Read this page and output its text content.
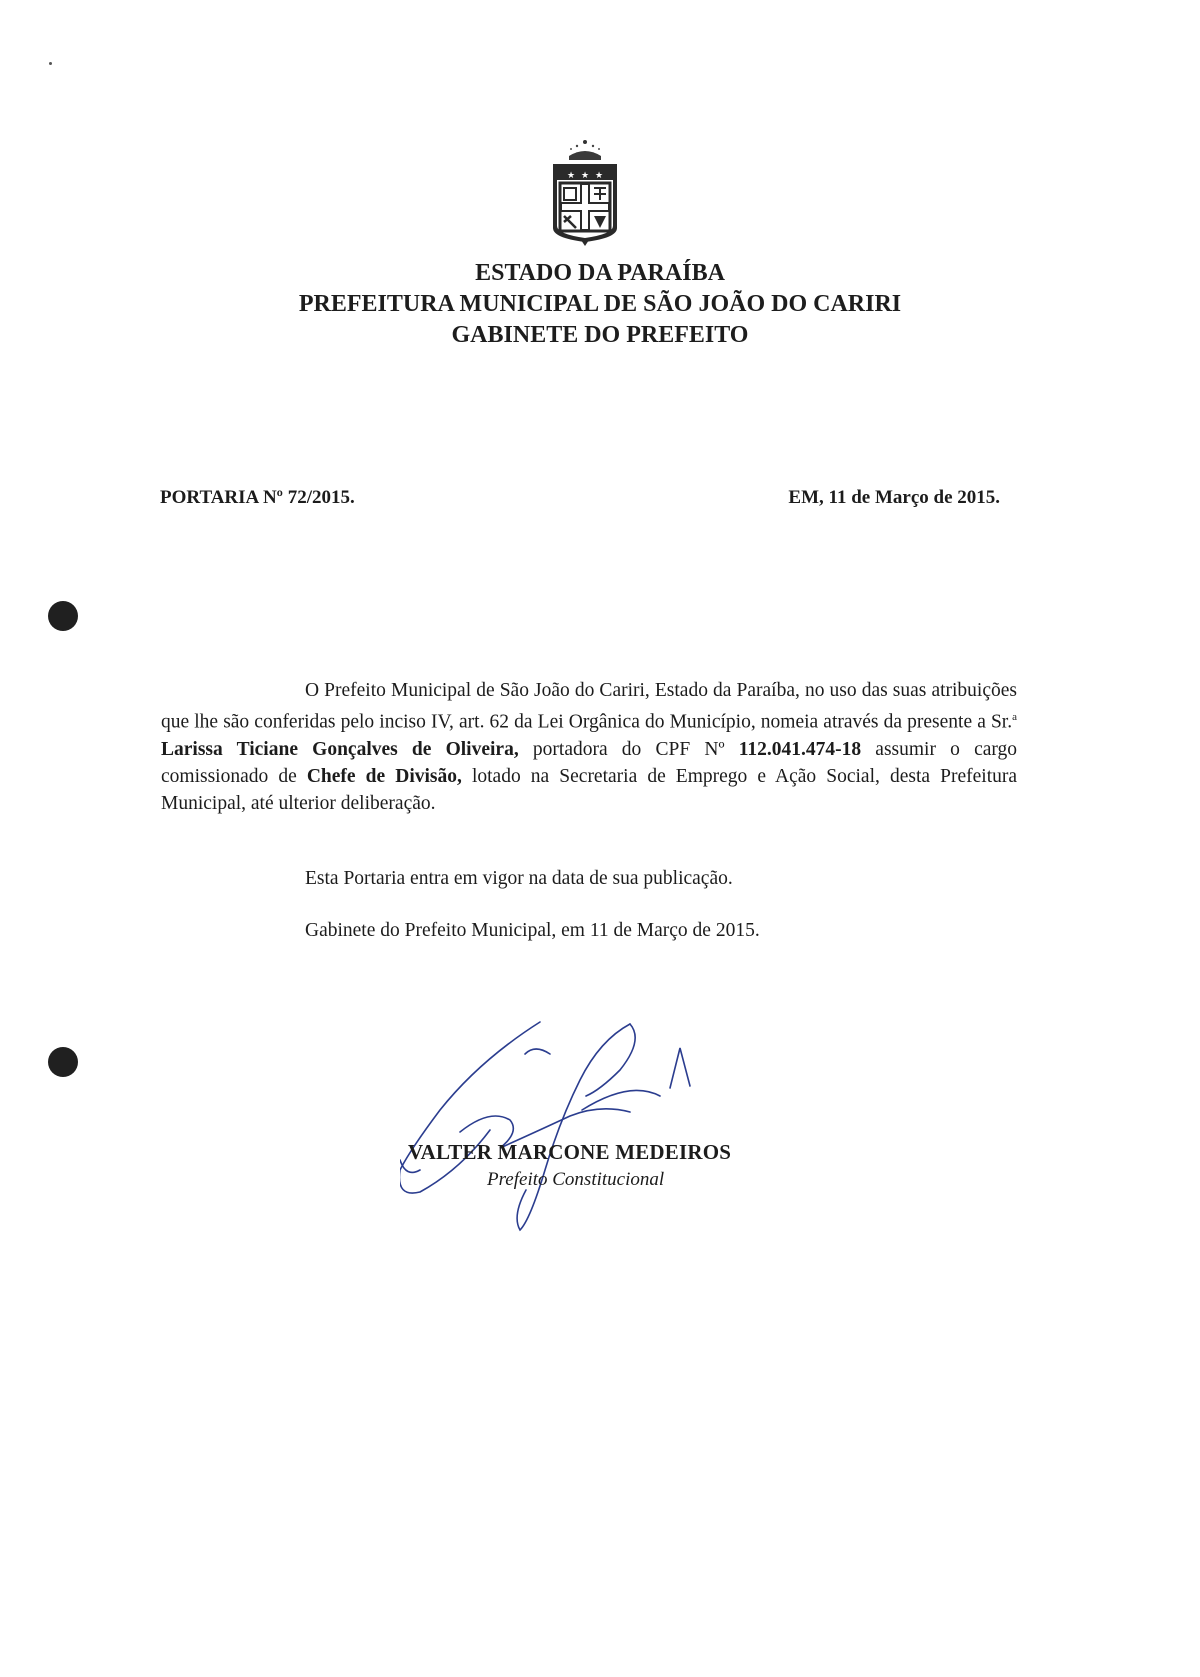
★ ★ ★
ESTADO DA PARAÍBA
PREFEITURA MUNICIPAL DE SÃO JOÃO DO CARIRI
GABINETE DO PREFEITO
PORTARIA Nº 72/2015.	EM, 11 de Março de 2015.
O Prefeito Municipal de São João do Cariri, Estado da Paraíba, no uso das suas atribuições que lhe são conferidas pelo inciso IV, art. 62 da Lei Orgânica do Município, nomeia através da presente a Sr.$^a$ Larissa Ticiane Gonçalves de Oliveira, portadora do CPF Nº 112.041.474-18 assumir o cargo comissionado de Chefe de Divisão, lotado na Secretaria de Emprego e Ação Social, desta Prefeitura Municipal, até ulterior deliberação.
Esta Portaria entra em vigor na data de sua publicação.
Gabinete do Prefeito Municipal, em 11 de Março de 2015.
VALTER MARCONE MEDEIROS
Prefeito Constitucional
